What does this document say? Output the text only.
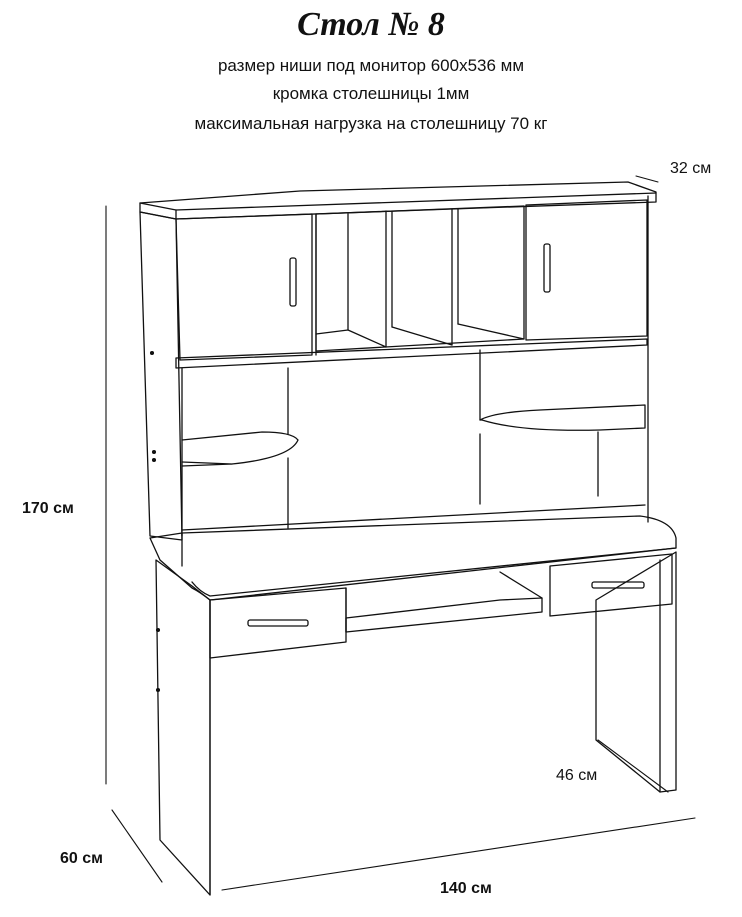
Стол № 8
размер ниши под монитор 600х536 мм
кромка столешницы 1мм
максимальная нагрузка на столешницу 70 кг
32 см
170 см
46 см
60 см
140 см
